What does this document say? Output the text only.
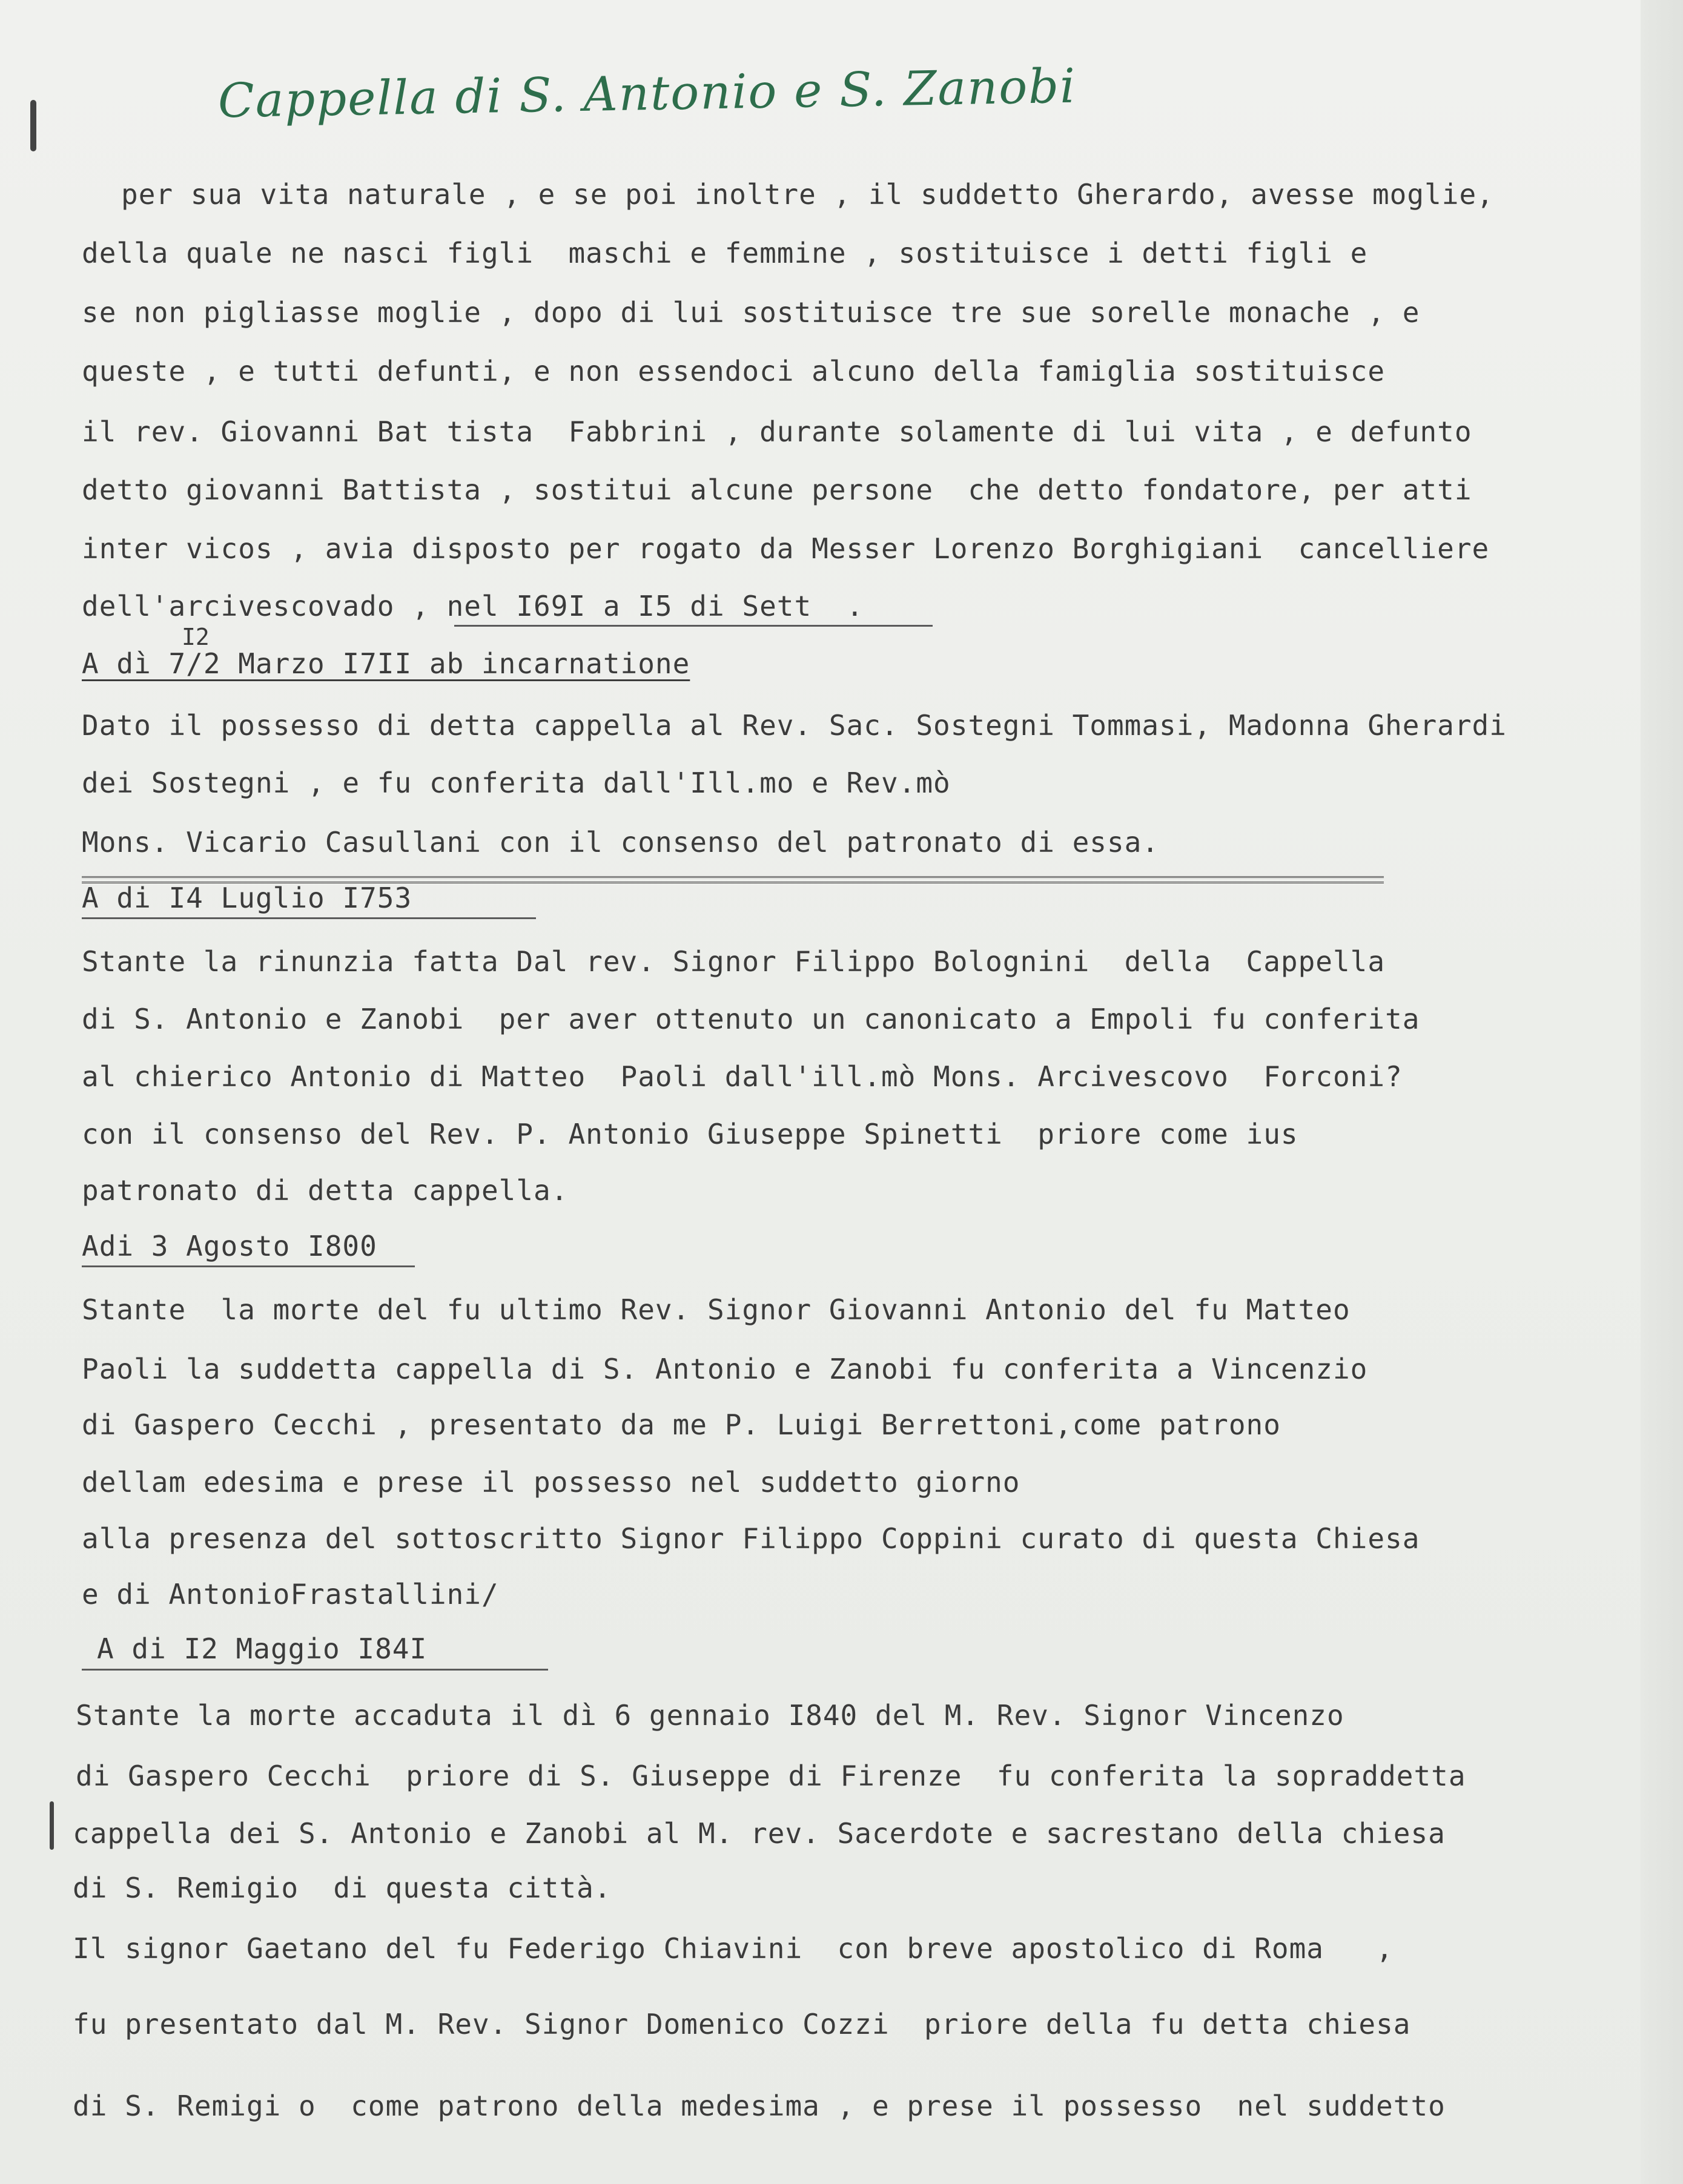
Cappella di S. Antonio e S. Zanobi
per sua vita naturale , e se poi inoltre , il suddetto Gherardo, avesse moglie,
della quale ne nasci figli  maschi e femmine , sostituisce i detti figli e
se non pigliasse moglie , dopo di lui sostituisce tre sue sorelle monache , e
queste , e tutti defunti, e non essendoci alcuno della famiglia sostituisce
il rev. Giovanni Bat tista  Fabbrini , durante solamente di lui vita , e defunto
detto giovanni Battista , sostitui alcune persone  che detto fondatore, per atti
inter vicos , avia disposto per rogato da Messer Lorenzo Borghigiani  cancelliere
dell'arcivescovado , nel I69I a I5 di Sett  .
I2
A dì 7/2 Marzo I7II ab incarnatione
Dato il possesso di detta cappella al Rev. Sac. Sostegni Tommasi, Madonna Gherardi
dei Sostegni , e fu conferita dall'Ill.mo e Rev.mò
Mons. Vicario Casullani con il consenso del patronato di essa.
A di I4 Luglio I753
Stante la rinunzia fatta Dal rev. Signor Filippo Bolognini  della  Cappella
di S. Antonio e Zanobi  per aver ottenuto un canonicato a Empoli fu conferita
al chierico Antonio di Matteo  Paoli dall'ill.mò Mons. Arcivescovo  Forconi?
con il consenso del Rev. P. Antonio Giuseppe Spinetti  priore come ius
patronato di detta cappella.
Adi 3 Agosto I800
Stante  la morte del fu ultimo Rev. Signor Giovanni Antonio del fu Matteo
Paoli la suddetta cappella di S. Antonio e Zanobi fu conferita a Vincenzio
di Gaspero Cecchi , presentato da me P. Luigi Berrettoni,come patrono
dellam edesima e prese il possesso nel suddetto giorno
alla presenza del sottoscritto Signor Filippo Coppini curato di questa Chiesa
e di AntonioFrastallini/
A di I2 Maggio I84I
Stante la morte accaduta il dì 6 gennaio I840 del M. Rev. Signor Vincenzo
di Gaspero Cecchi  priore di S. Giuseppe di Firenze  fu conferita la sopraddetta
cappella dei S. Antonio e Zanobi al M. rev. Sacerdote e sacrestano della chiesa
di S. Remigio  di questa città.
Il signor Gaetano del fu Federigo Chiavini  con breve apostolico di Roma   ,
fu presentato dal M. Rev. Signor Domenico Cozzi  priore della fu detta chiesa
di S. Remigi o  come patrono della medesima , e prese il possesso  nel suddetto
